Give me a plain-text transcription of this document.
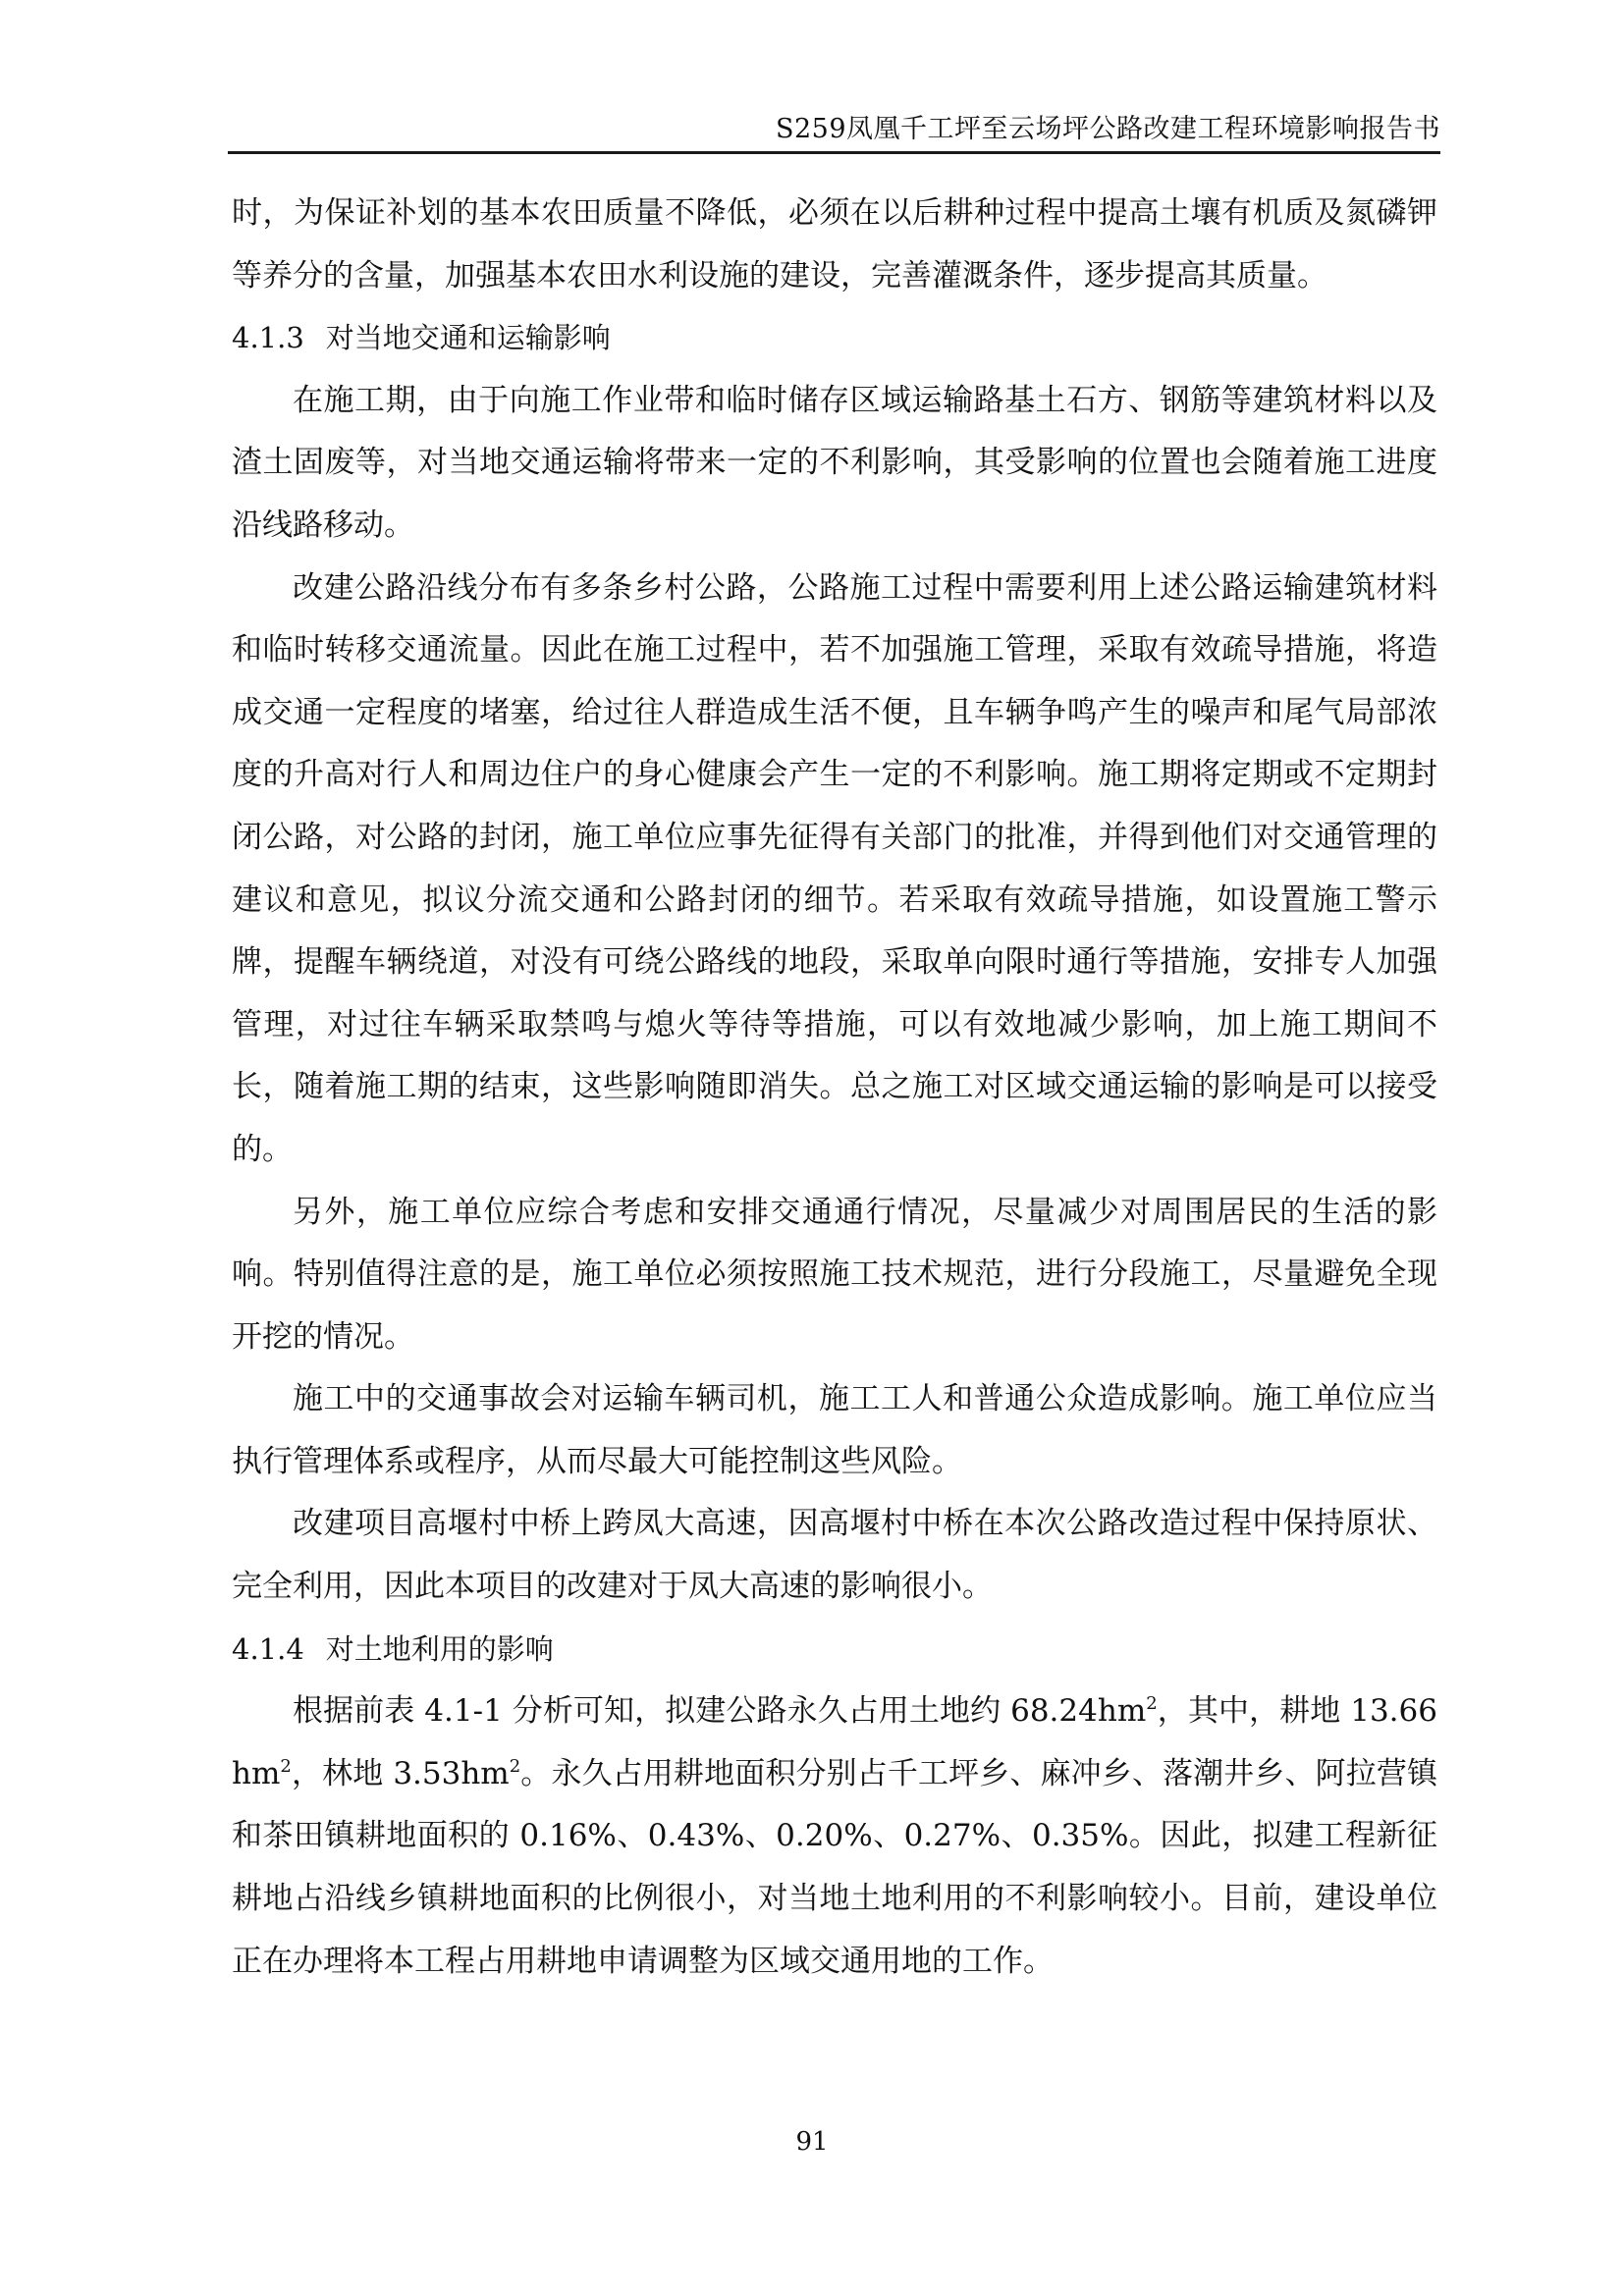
S259凤凰千工坪至云场坪公路改建工程环境影响报告书

时，为保证补划的基本农田质量不降低，必须在以后耕种过程中提高土壤有机质及氮磷钾等养分的含量，加强基本农田水利设施的建设，完善灌溉条件，逐步提高其质量。

4.1.3 对当地交通和运输影响

在施工期，由于向施工作业带和临时储存区域运输路基土石方、钢筋等建筑材料以及渣土固废等，对当地交通运输将带来一定的不利影响，其受影响的位置也会随着施工进度沿线路移动。

改建公路沿线分布有多条乡村公路，公路施工过程中需要利用上述公路运输建筑材料和临时转移交通流量。因此在施工过程中，若不加强施工管理，采取有效疏导措施，将造成交通一定程度的堵塞，给过往人群造成生活不便，且车辆争鸣产生的噪声和尾气局部浓度的升高对行人和周边住户的身心健康会产生一定的不利影响。施工期将定期或不定期封闭公路，对公路的封闭，施工单位应事先征得有关部门的批准，并得到他们对交通管理的建议和意见，拟议分流交通和公路封闭的细节。若采取有效疏导措施，如设置施工警示牌，提醒车辆绕道，对没有可绕公路线的地段，采取单向限时通行等措施，安排专人加强管理，对过往车辆采取禁鸣与熄火等待等措施，可以有效地减少影响，加上施工期间不长，随着施工期的结束，这些影响随即消失。总之施工对区域交通运输的影响是可以接受的。

另外，施工单位应综合考虑和安排交通通行情况，尽量减少对周围居民的生活的影响。特别值得注意的是，施工单位必须按照施工技术规范，进行分段施工，尽量避免全现开挖的情况。

施工中的交通事故会对运输车辆司机，施工工人和普通公众造成影响。施工单位应当执行管理体系或程序，从而尽最大可能控制这些风险。

改建项目高堰村中桥上跨凤大高速，因高堰村中桥在本次公路改造过程中保持原状、完全利用，因此本项目的改建对于凤大高速的影响很小。

4.1.4 对土地利用的影响

根据前表 4.1-1 分析可知，拟建公路永久占用土地约 $68.24hm^2$，其中，耕地 $13.66hm^2$，林地 $3.53hm^2$。永久占用耕地面积分别占千工坪乡、麻冲乡、落潮井乡、阿拉营镇和茶田镇耕地面积的 0.16%、0.43%、0.20%、0.27%、0.35%。因此，拟建工程新征耕地占沿线乡镇耕地面积的比例很小，对当地土地利用的不利影响较小。目前，建设单位正在办理将本工程占用耕地申请调整为区域交通用地的工作。

91
